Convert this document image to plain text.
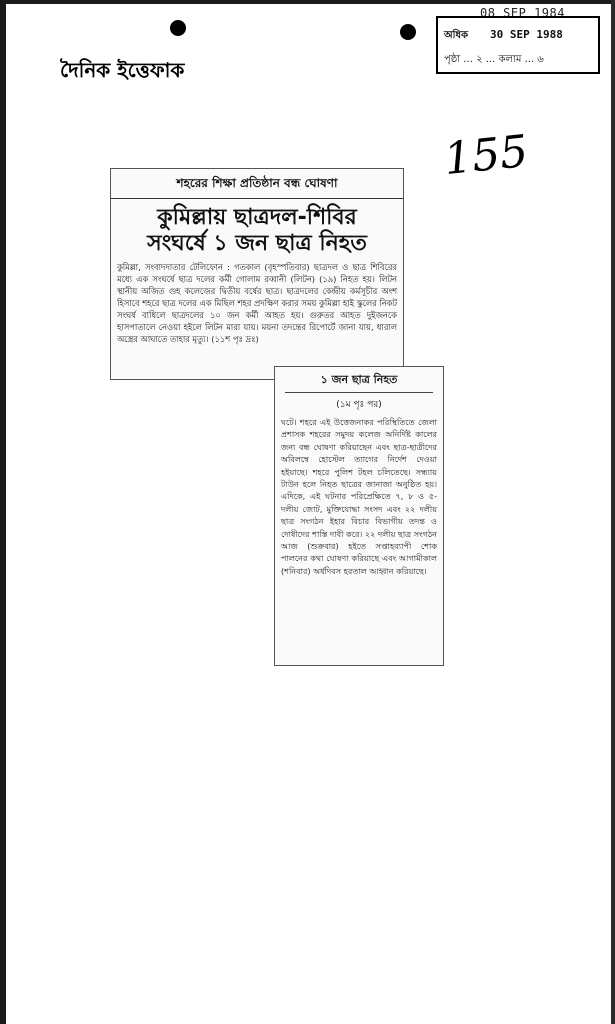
08 SEP 1984
অধিক 30 SEP 1988
পৃষ্ঠা ... ২ ... কলাম ... ৬
দৈনিক ইত্তেফাক
155
শহরের শিক্ষা প্রতিষ্ঠান বন্ধ ঘোষণা
কুমিল্লায় ছাত্রদল-শিবির
সংঘর্ষে ১ জন ছাত্র নিহত
কুমিল্লা, সংবাদদাতার টেলিফোন : গতকাল (বৃহস্পতিবার) ছাত্রদল ও ছাত্র শিবিরের মধ্যে এক সংঘর্ষে ছাত্র দলের কর্মী গোলাম রব্বানী (লিটন) (১৯) নিহত হয়। লিটন স্থানীয় অজিত গুহ কলেজের দ্বিতীয় বর্ষের ছাত্র। ছাত্রদলের কেন্দ্রীয় কর্মসূচীর অংশ হিসাবে শহরে ছাত্র দলের এক মিছিল শহর প্রদক্ষিণ করার সময় কুমিল্লা হাই স্কুলের নিকট সংঘর্ষ বাধিলে ছাত্রদলের ১০ জন কর্মী আহত হয়। গুরুতর আহত দুইজনকে হাসপাতালে নেওয়া হইলে লিটন মারা যায়। ময়না তদন্তের রিপোর্টে জানা যায়, ধারাল অস্ত্রের আঘাতে তাহার মৃত্যু। (১১শ পৃঃ দ্রঃ)
১ জন ছাত্র নিহত
(১ম পৃঃ পর)
ঘটে। শহরে এই উত্তেজনাকর পরিস্থিতিতে জেলা প্রশাসক শহরের সমুদয় কলেজ অনির্দিষ্ট কালের জন্য বন্ধ ঘোষণা করিয়াছেন এবং ছাত্র-ছাত্রীদের অবিলম্বে হোস্টেল ত্যাগের নির্দেশ দেওয়া হইয়াছে। শহরে পুলিশ টহল চলিতেছে। সন্ধ্যায় টাউন হলে নিহত ছাত্রের জানাজা অনুষ্ঠিত হয়। এদিকে, এই ঘটনার পরিপ্রেক্ষিতে ৭, ৮ ও ৫-দলীয় জোট, মুক্তিযোদ্ধা সংসদ এবং ২২ দলীয় ছাত্র সংগঠন ইহার বিচার বিভাগীয় তদন্ত ও দোষীদের শাস্তি দাবী করে। ২২ দলীয় ছাত্র সংগঠন আজ (শুক্রবার) হইতে সপ্তাহব্যাপী শোক পালনের কথা ঘোষণা করিয়াছে এবং আগামীকাল (শনিবার) অর্ধদিবস হরতাল আহ্বান করিয়াছে।
